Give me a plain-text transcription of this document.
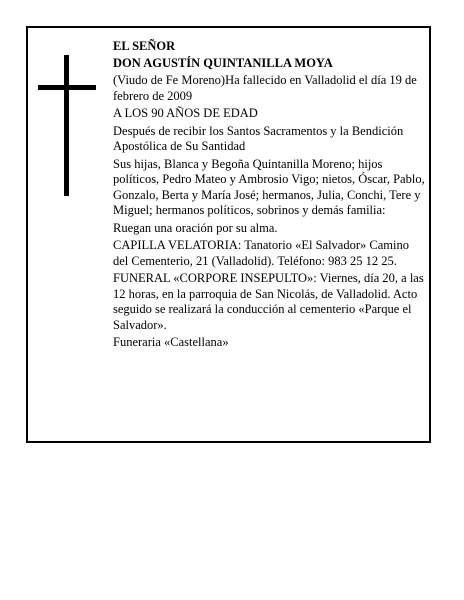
EL SEÑOR

DON AGUSTÍN QUINTANILLA MOYA

(Viudo de Fe Moreno)Ha fallecido en Valladolid el día 19 de febrero de 2009

A LOS 90 AÑOS DE EDAD

Después de recibir los Santos Sacramentos y la Bendición Apostólica de Su Santidad

Sus hijas, Blanca y Begoña Quintanilla Moreno; hijos políticos, Pedro Mateo y Ambrosio Vigo; nietos, Óscar, Pablo, Gonzalo, Berta y María José; hermanos, Julia, Conchi, Tere y Miguel; hermanos políticos, sobrinos y demás familia:

Ruegan una oración por su alma.

CAPILLA VELATORIA: Tanatorio «El Salvador» Camino del Cementerio, 21 (Valladolid). Teléfono: 983 25 12 25.

FUNERAL «CORPORE INSEPULTO»: Viernes, día 20, a las 12 horas, en la parroquia de San Nicolás, de Valladolid. Acto seguido se realizará la conducción al cementerio «Parque el Salvador».

Funeraria «Castellana»
